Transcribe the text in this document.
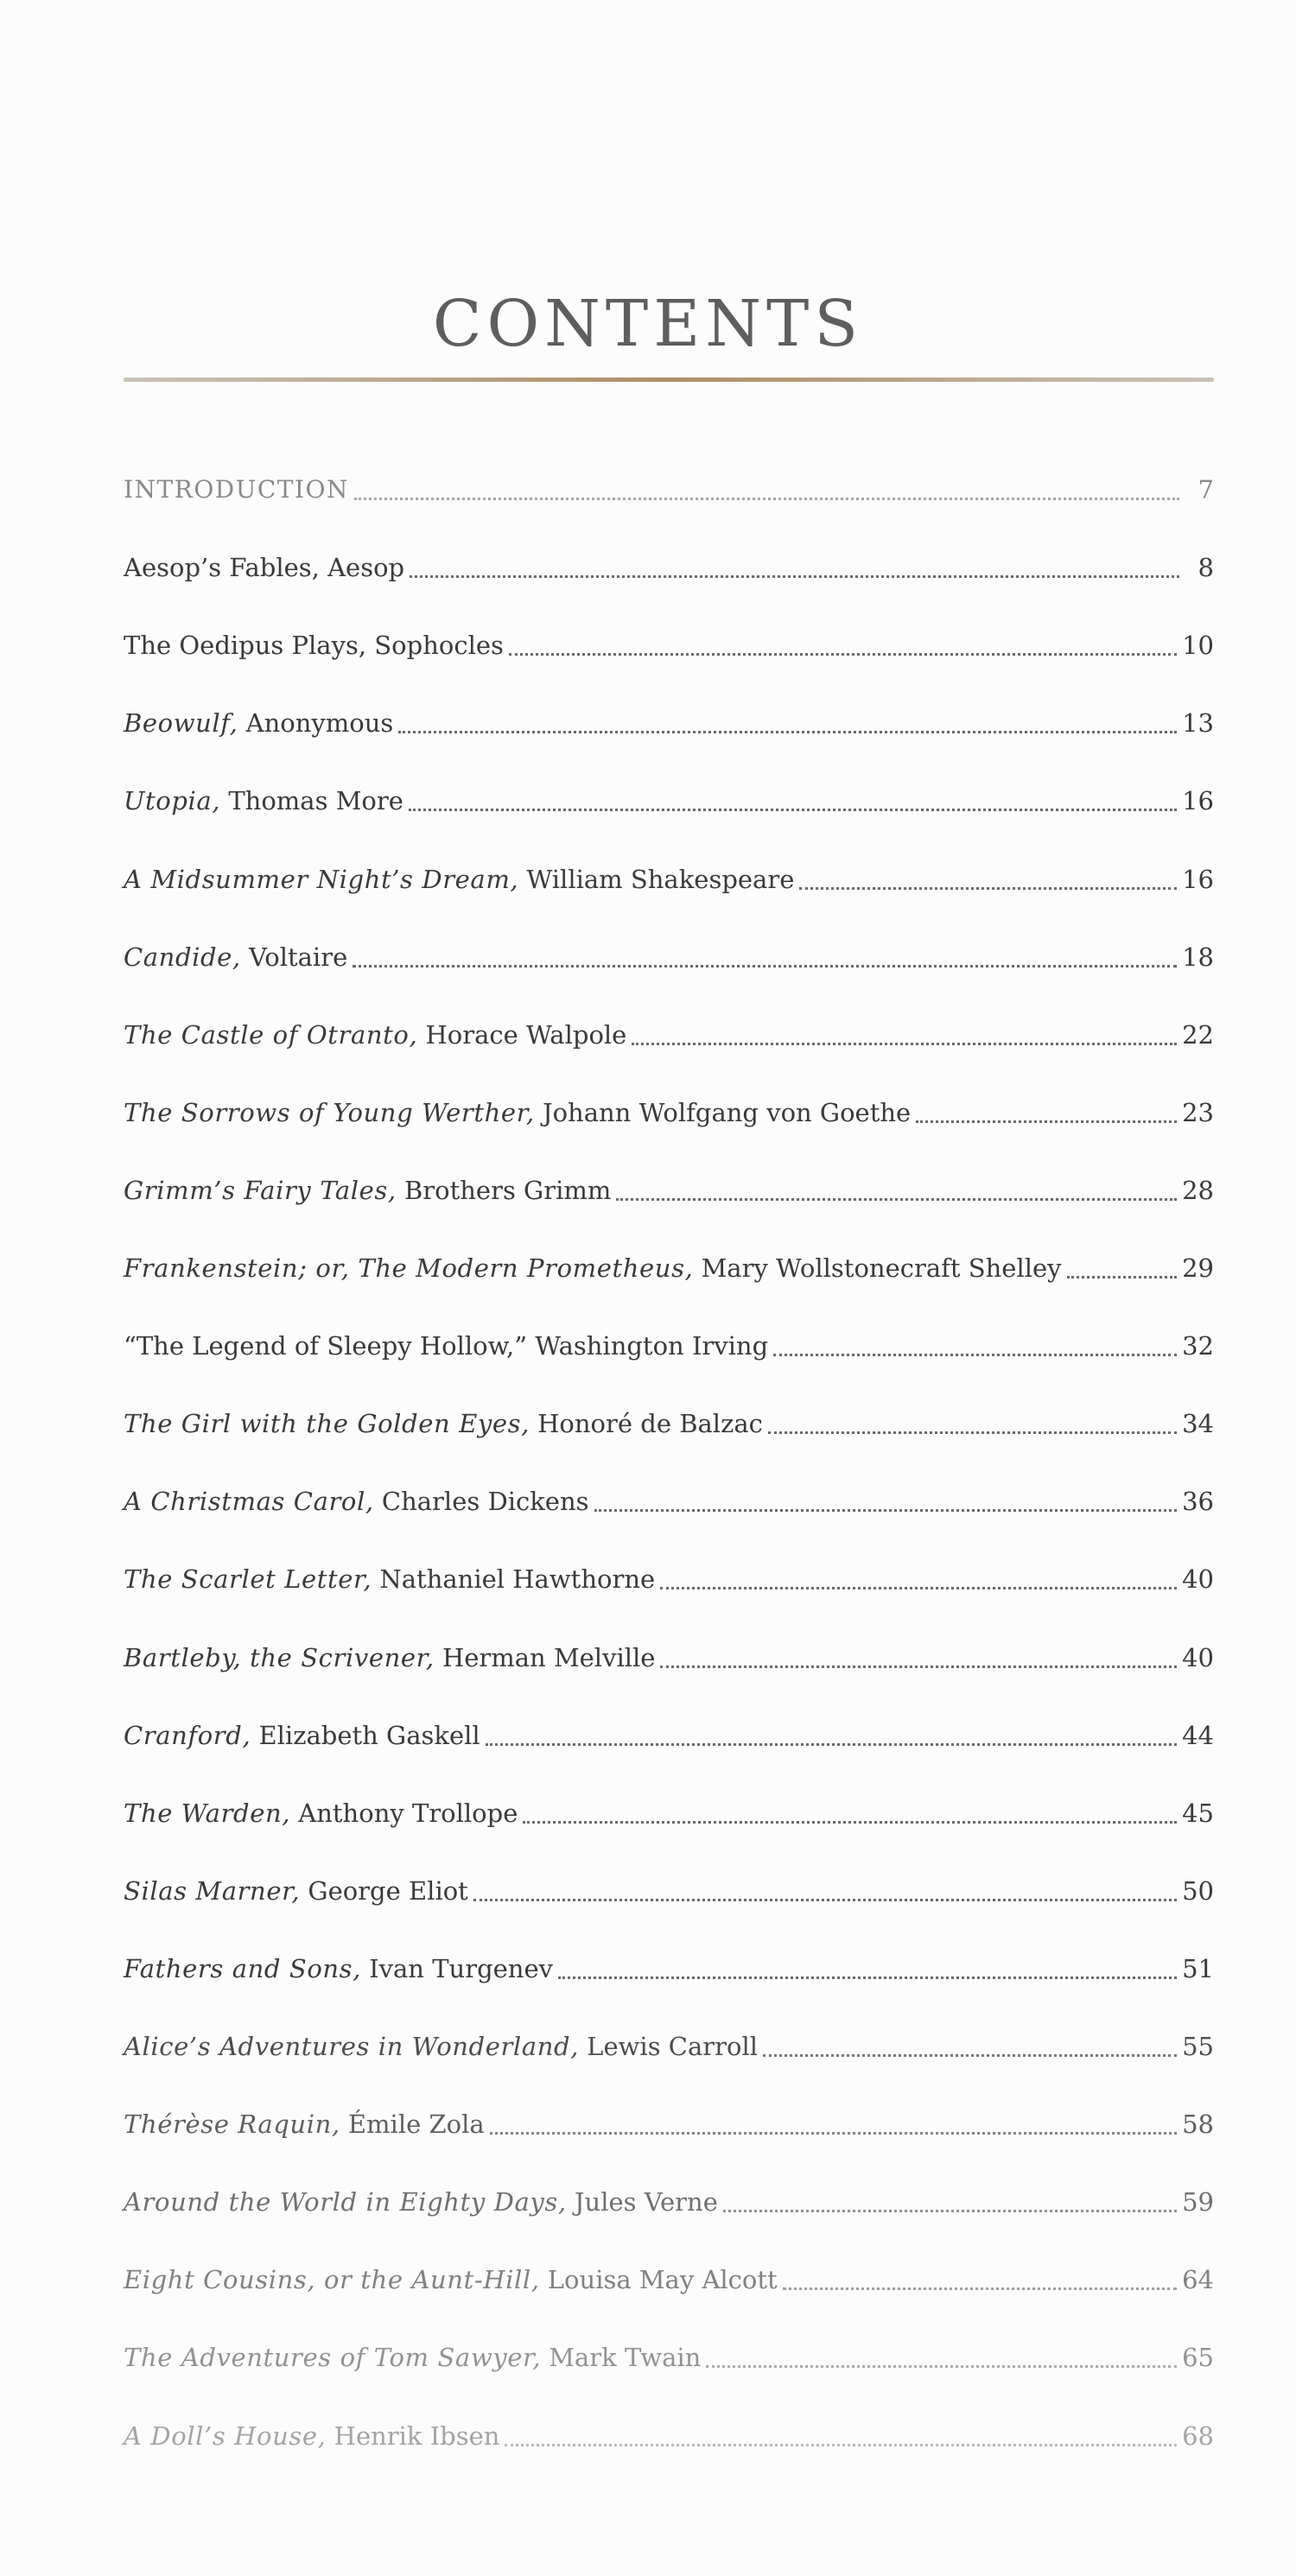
CONTENTS
INTRODUCTION	7
Aesop’s Fables, Aesop	8
The Oedipus Plays, Sophocles	10
Beowulf, Anonymous	13
Utopia, Thomas More	16
A Midsummer Night’s Dream, William Shakespeare	16
Candide, Voltaire	18
The Castle of Otranto, Horace Walpole	22
The Sorrows of Young Werther, Johann Wolfgang von Goethe	23
Grimm’s Fairy Tales, Brothers Grimm	28
Frankenstein; or, The Modern Prometheus, Mary Wollstonecraft Shelley	29
“The Legend of Sleepy Hollow,” Washington Irving	32
The Girl with the Golden Eyes, Honoré de Balzac	34
A Christmas Carol, Charles Dickens	36
The Scarlet Letter, Nathaniel Hawthorne	40
Bartleby, the Scrivener, Herman Melville	40
Cranford, Elizabeth Gaskell	44
The Warden, Anthony Trollope	45
Silas Marner, George Eliot	50
Fathers and Sons, Ivan Turgenev	51
Alice’s Adventures in Wonderland, Lewis Carroll	55
Thérèse Raquin, Émile Zola	58
Around the World in Eighty Days, Jules Verne	59
Eight Cousins, or the Aunt-Hill, Louisa May Alcott	64
The Adventures of Tom Sawyer, Mark Twain	65
A Doll’s House, Henrik Ibsen	68
